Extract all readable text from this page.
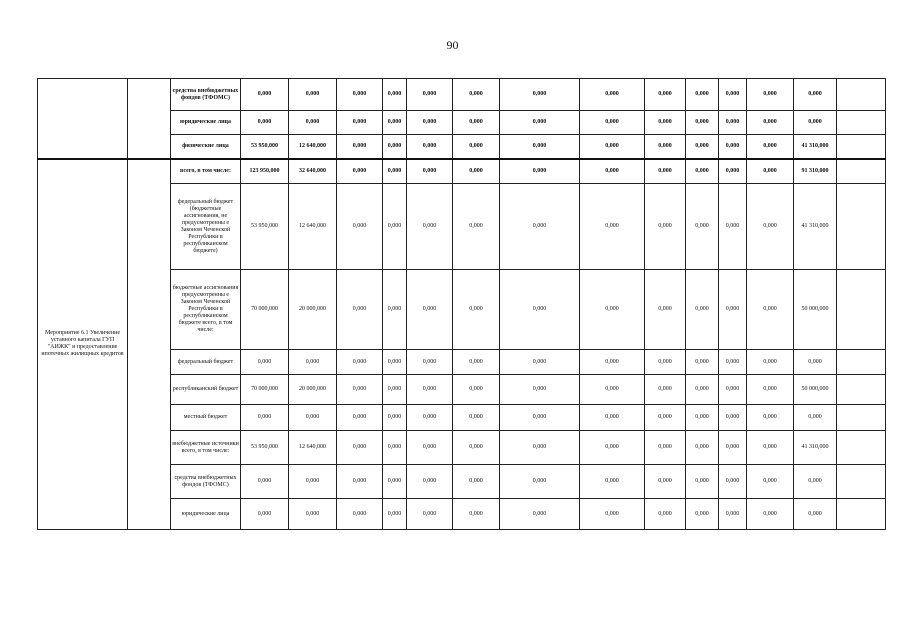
90
		средства внебюджетных фондов (ТФОМС)	0,000	0,000	0,000	0,000	0,000	0,000	0,000	0,000	0,000	0,000	0,000	0,000	0,000	
		юридические лица	0,000	0,000	0,000	0,000	0,000	0,000	0,000	0,000	0,000	0,000	0,000	0,000	0,000	
		физические лица	53 950,000	12 640,000	0,000	0,000	0,000	0,000	0,000	0,000	0,000	0,000	0,000	0,000	41 310,000	
Мероприятие 6.1 Увеличение уставного капитала ГУП "АИЖК" и предоставление ипотечных жилищных кредитов		всего, в том числе:	123 950,000	32 640,000	0,000	0,000	0,000	0,000	0,000	0,000	0,000	0,000	0,000	0,000	91 310,000	
		федеральный бюджет (бюджетные ассигнования, не предусмотренны е Законом Чеченской Республики в республиканском бюджете)	53 950,000	12 640,000	0,000	0,000	0,000	0,000	0,000	0,000	0,000	0,000	0,000	0,000	41 310,000	
		бюджетные ассигнования предусмотренны е Законом Чеченской Республики в республиканском бюджете всего, в том числе:	70 000,000	20 000,000	0,000	0,000	0,000	0,000	0,000	0,000	0,000	0,000	0,000	0,000	50 000,000	
		федеральный бюджет	0,000	0,000	0,000	0,000	0,000	0,000	0,000	0,000	0,000	0,000	0,000	0,000	0,000	
		республиканский бюджет	70 000,000	20 000,000	0,000	0,000	0,000	0,000	0,000	0,000	0,000	0,000	0,000	0,000	50 000,000	
		местный бюджет	0,000	0,000	0,000	0,000	0,000	0,000	0,000	0,000	0,000	0,000	0,000	0,000	0,000	
		внебюджетные источники всего, в том числе:	53 950,000	12 640,000	0,000	0,000	0,000	0,000	0,000	0,000	0,000	0,000	0,000	0,000	41 310,000	
		средства внебюджетных фондов (ТФОМС)	0,000	0,000	0,000	0,000	0,000	0,000	0,000	0,000	0,000	0,000	0,000	0,000	0,000	
		юридические лица	0,000	0,000	0,000	0,000	0,000	0,000	0,000	0,000	0,000	0,000	0,000	0,000	0,000	
